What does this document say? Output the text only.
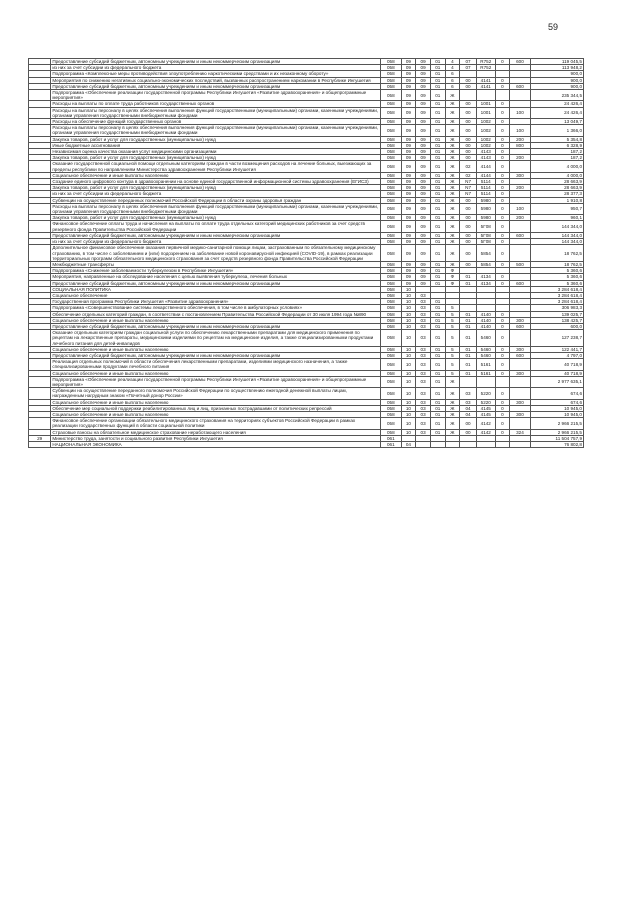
59
	Предоставление субсидий бюджетным, автономным учреждениям и иным некоммерческим организациям	058	09	09	01	4	07	R752	0	600	119 045,5
	из них за счет субсидии из федерального бюджета	058	09	09	01	4	07	R752			113 948,2
	Подпрограмма «Комплексные меры противодействия злоупотреблению наркотическими средствами и их незаконному обороту»	058	09	09	01	6					900,0
	Мероприятия по снижению негативных социально-экономических последствий, вызванных распространением наркомании в Республике Ингушетия	058	09	09	01	6	00	4141	0		900,0
	Предоставление субсидий бюджетным, автономным учреждениям и иным некоммерческим организациям	058	09	09	01	6	00	4141	0	600	900,0
	Подпрограмма «Обеспечение реализации государственной программы Республики Ингушетия «Развитие здравоохранения» и общепрограммные мероприятия»	058	09	09	01	Ж					235 344,5
	Расходы на выплаты по оплате труда работников государственных органов	058	09	09	01	Ж	00	1001	0		24 426,4
	Расходы на выплаты персоналу в целях обеспечения выполнения функций государственными (муниципальными) органами, казенными учреждениями, органами управления государственными внебюджетными фондами	058	09	09	01	Ж	00	1001	0	100	24 426,4
	Расходы на обеспечение функций государственных органов	058	09	09	01	Ж	00	1002	0		13 049,7
	Расходы на выплаты персоналу в целях обеспечения выполнения функций государственными (муниципальными) органами, казенными учреждениями, органами управления государственными внебюджетными фондами	058	09	09	01	Ж	00	1002	0	100	1 366,0
	Закупка товаров, работ и услуг для государственных (муниципальных) нужд	058	09	09	01	Ж	00	1002	0	200	5 354,8
	Иные бюджетные ассигнования	058	09	09	01	Ж	00	1002	0	800	6 328,9
	Независимая оценка качества оказания услуг медицинскими организациями	058	09	09	01	Ж	00	4143	0		187,2
	Закупка товаров, работ и услуг для государственных (муниципальных) нужд	058	09	09	01	Ж	00	4143	0	200	187,2
	Оказание государственной социальной помощи отдельным категориям граждан в части возмещения расходов на лечение больных, выезжающих за пределы республики по направлениям Министерства здравоохранения Республики Ингушетия	058	09	09	01	Ж	02	4144	0		4 000,0
	Социальное обеспечение и иные выплаты населению	058	09	09	01	Ж	02	4144	0	300	4 000,0
	Создание единого цифрового контура в здравоохранении на основе единой государственной информационной системы здравоохранения (ЕГИСЗ)	058	09	09	01	Ж	N7	5114	0		28 663,9
	Закупка товаров, работ и услуг для государственных (муниципальных) нужд	058	09	09	01	Ж	N7	5114	0	200	28 663,9
	из них за счет субсидии из федерального бюджета	058	09	09	01	Ж	N7	5114	0		28 377,3
	Субвенции на осуществление переданных полномочий Российской Федерации в области охраны здоровья граждан	058	09	09	01	Ж	00	5980	0		1 910,8
	Расходы на выплаты персоналу в целях обеспечения выполнения функций государственными (муниципальными) органами, казенными учреждениями, органами управления государственными внебюджетными фондами	058	09	09	01	Ж	00	5980	0	100	950,7
	Закупка товаров, работ и услуг для государственных (муниципальных) нужд	058	09	09	01	Ж	00	5980	0	200	960,1
	Финансовое обеспечение оплаты труда и начисления на выплаты по оплате труда отдельных категорий медицинских работников за счет средств резервного фонда Правительства Российской Федерации	058	09	09	01	Ж	00	5Г08	0		144 344,0
	Предоставление субсидий бюджетным, автономным учреждениям и иным некоммерческим организациям	058	09	09	01	Ж	00	5Г08	0	600	144 344,0
	из них за счет субсидии из федерального бюджета	058	09	09	01	Ж	00	5Г08	0		144 344,0
	Дополнительное финансовое обеспечение оказания первичной медико-санитарной помощи лицам, застрахованным по обязательному медицинскому страхованию, в том числе с заболеванием и (или) подозрением на заболевание новой коронавирусной инфекцией (COVID-19), в рамках реализации территориальных программ обязательного медицинского страхования за счет средств резервного фонда Правительства Российской Федерации	058	09	09	01	Ж	00	5854	0		18 762,5
	Межбюджетные трансферты	058	09	09	01	Ж	00	5854	0	500	18 762,5
	Подпрограмма «Снижение заболеваемости туберкулезом в Республике Ингушетия»	058	09	09	01	Ф					5 360,6
	Мероприятия, направленные на обследование населения с целью выявления туберкулеза, лечения больных	058	09	09	01	Ф	01	4134	0		5 360,6
	Предоставление субсидий бюджетным, автономным учреждениям и иным некоммерческим организациям	058	09	09	01	Ф	01	4134	0	600	5 360,6
	СОЦИАЛЬНАЯ ПОЛИТИКА	058	10								3 284 618,4
	Социальное обеспечение	058	10	03							3 284 618,4
	Государственная программа Республики Ингушетия «Развитие здравоохранения»	058	10	03	01						3 284 618,4
	Подпрограмма «Совершенствование системы лекарственного обеспечения, в том числе в амбулаторных условиях»	058	10	03	01	5					306 983,3
	Обеспечение отдельных категорий граждан, в соответствии с постановлением Правительства Российской Федерации от 30 июля 1994 года №890	058	10	03	01	5	01	4140	0		139 025,7
	Социальное обеспечение и иные выплаты населению	058	10	03	01	5	01	4140	0	300	138 425,7
	Предоставление субсидий бюджетным, автономным учреждениям и иным некоммерческим организациям	058	10	03	01	5	01	4140	0	600	600,0
	Оказание отдельным категориям граждан социальной услуги по обеспечению лекарственными препаратами для медицинского применения по рецептам на лекарственные препараты, медицинскими изделиями по рецептам на медицинские изделия, а также специализированными продуктами лечебного питания для детей-инвалидов	058	10	03	01	5	01	5460	0		127 238,7
	Социальное обеспечение и иные выплаты населению	058	10	03	01	5	01	5460	0	300	122 441,7
	Предоставление субсидий бюджетным, автономным учреждениям и иным некоммерческим организациям	058	10	03	01	5	01	5460	0	600	4 797,0
	Реализация отдельных полномочий в области обеспечения лекарственными препаратами, изделиями медицинского назначения, а также специализированными продуктами лечебного питания	058	10	03	01	5	01	5161	0		40 718,9
	Социальное обеспечение и иные выплаты населению	058	10	03	01	5	01	5161	0	300	40 718,9
	Подпрограмма «Обеспечение реализации государственной программы Республики Ингушетия «Развитие здравоохранения» и общепрограммные мероприятия»	058	10	03	01	Ж					2 977 635,1
	Субвенции на осуществление переданного полномочия Российской Федерации по осуществлению ежегодной денежной выплаты лицам, награжденным нагрудным знаком «Почетный донор России»	058	10	03	01	Ж	03	5220	0		674,6
	Социальное обеспечение и иные выплаты населению	058	10	03	01	Ж	03	5220	0	300	674,6
	Обеспечение мер социальной поддержки реабилитированных лиц и лиц, признанных пострадавшими от политических репрессий	058	10	03	01	Ж	04	4145	0		10 945,0
	Социальное обеспечение и иные выплаты населению	058	10	03	01	Ж	04	4145	0	300	10 945,0
	Финансовое обеспечение организации обязательного медицинского страхования на территориях субъектов Российской Федерации в рамках реализации государственных функций в области социальной политики	058	10	03	01	Ж	00	4142	0		2 966 215,5
	Страховые взносы на обязательное медицинское страхование неработающего населения	058	10	03	01	Ж	00	4142	0	324	2 966 215,5
29	Министерство труда, занятости и социального развития Республики Ингушетия	061									11 504 757,9
	НАЦИОНАЛЬНАЯ ЭКОНОМИКА	061	04								76 802,8
